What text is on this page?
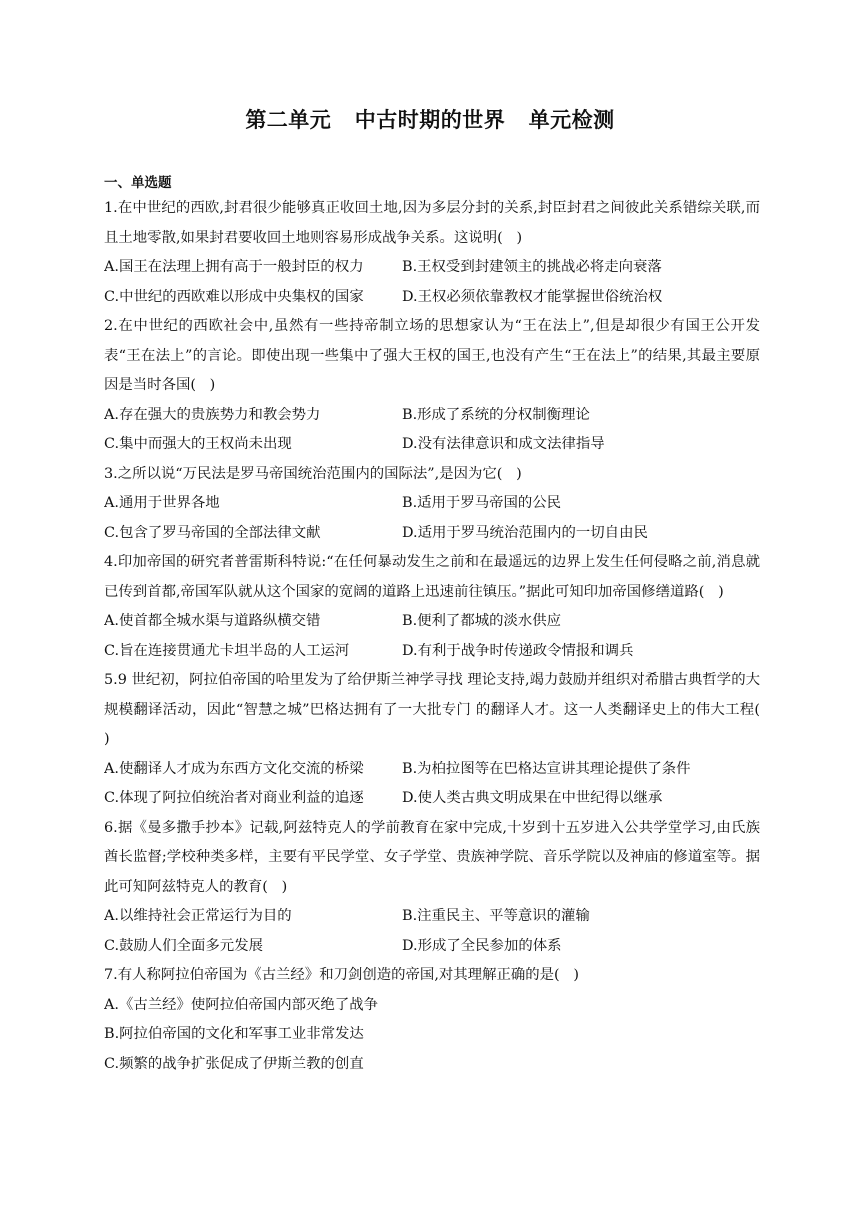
第二单元   中古时期的世界   单元检测
一、单选题
1.在中世纪的西欧,封君很少能够真正收回土地,因为多层分封的关系,封臣封君之间彼此关系错综关联,而且土地零散,如果封君要收回土地则容易形成战争关系。这说明(   )
A.国王在法理上拥有高于一般封臣的权力	B.王权受到封建领主的挑战必将走向衰落
C.中世纪的西欧难以形成中央集权的国家	D.王权必须依靠教权才能掌握世俗统治权
2.在中世纪的西欧社会中,虽然有一些持帝制立场的思想家认为“王在法上”,但是却很少有国王公开发表“王在法上”的言论。即使出现一些集中了强大王权的国王,也没有产生“王在法上”的结果,其最主要原因是当时各国(   )
A.存在强大的贵族势力和教会势力	B.形成了系统的分权制衡理论
C.集中而强大的王权尚未出现	D.没有法律意识和成文法律指导
3.之所以说“万民法是罗马帝国统治范围内的国际法”,是因为它(   )
A.通用于世界各地	B.适用于罗马帝国的公民
C.包含了罗马帝国的全部法律文献	D.适用于罗马统治范围内的一切自由民
4.印加帝国的研究者普雷斯科特说:“在任何暴动发生之前和在最遥远的边界上发生任何侵略之前,消息就已传到首都,帝国军队就从这个国家的宽阔的道路上迅速前往镇压。”据此可知印加帝国修缮道路(   )
A.使首都全城水渠与道路纵横交错	B.便利了都城的淡水供应
C.旨在连接贯通尤卡坦半岛的人工运河	D.有利于战争时传递政令情报和调兵
5.9 世纪初，阿拉伯帝国的哈里发为了给伊斯兰神学寻找 理论支持,竭力鼓励并组织对希腊古典哲学的大规模翻译活动，因此“智慧之城”巴格达拥有了一大批专门 的翻译人才。这一人类翻译史上的伟大工程(   )
A.使翻译人才成为东西方文化交流的桥梁	B.为柏拉图等在巴格达宣讲其理论提供了条件
C.体现了阿拉伯统治者对商业利益的追逐	D.使人类古典文明成果在中世纪得以继承
6.据《曼多撒手抄本》记载,阿兹特克人的学前教育在家中完成,十岁到十五岁进入公共学堂学习,由氏族酋长监督;学校种类多样，主要有平民学堂、女子学堂、贵族神学院、音乐学院以及神庙的修道室等。据此可知阿兹特克人的教育(   )
A.以维持社会正常运行为目的	B.注重民主、平等意识的灌输
C.鼓励人们全面多元发展	D.形成了全民参加的体系
7.有人称阿拉伯帝国为《古兰经》和刀剑创造的帝国,对其理解正确的是(   )
A.《古兰经》使阿拉伯帝国内部灭绝了战争
B.阿拉伯帝国的文化和军事工业非常发达
C.频繁的战争扩张促成了伊斯兰教的创直
